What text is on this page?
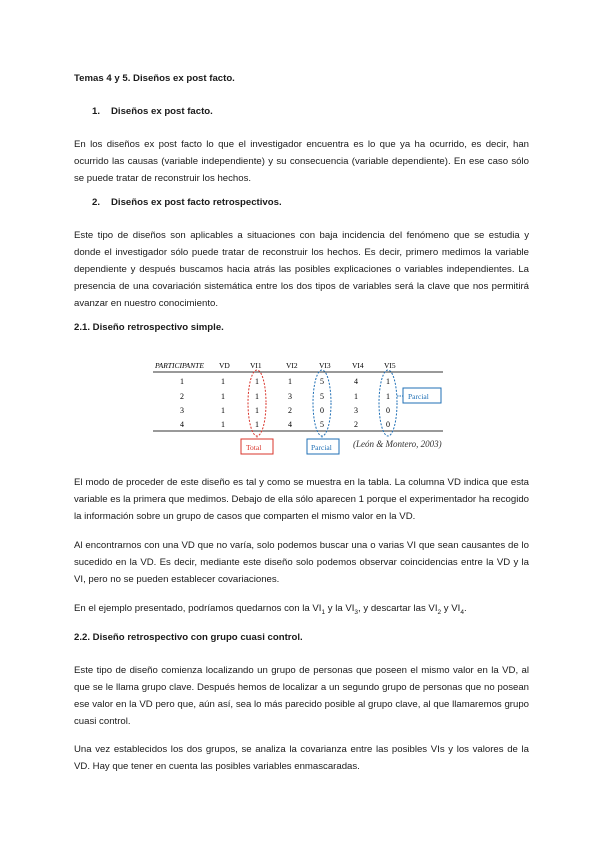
Temas 4 y 5. Diseños ex post facto.

1. Diseños ex post facto.

En los diseños ex post facto lo que el investigador encuentra es lo que ya ha ocurrido, es decir, han ocurrido las causas (variable independiente) y su consecuencia (variable dependiente). En ese caso sólo se puede tratar de reconstruir los hechos.

2. Diseños ex post facto retrospectivos.

Este tipo de diseños son aplicables a situaciones con baja incidencia del fenómeno que se estudia y donde el investigador sólo puede tratar de reconstruir los hechos. Es decir, primero medimos la variable dependiente y después buscamos hacia atrás las posibles explicaciones o variables independientes. La presencia de una covariación sistemática entre los dos tipos de variables será la clave que nos permitirá avanzar en nuestro conocimiento.

2.1. Diseño retrospectivo simple.

PARTICIPANTE VD	VI1	VI2	VI3	VI4	VI5
1	1	1	1	5	4	1
2	1	1	3	5	1	1
3	1	1	2	0	3	0
4	1	1	4	5	2	0
Total	Parcial
Parcial
(León & Montero, 2003)

El modo de proceder de este diseño es tal y como se muestra en la tabla. La columna VD indica que esta variable es la primera que medimos. Debajo de ella sólo aparecen 1 porque el experimentador ha recogido la información sobre un grupo de casos que comparten el mismo valor en la VD.

Al encontrarnos con una VD que no varía, solo podemos buscar una o varias VI que sean causantes de lo sucedido en la VD. Es decir, mediante este diseño solo podemos observar coincidencias entre la VD y la VI, pero no se pueden establecer covariaciones.

En el ejemplo presentado, podríamos quedarnos con la $VI_1$ y la $VI_3$, y descartar las $VI_2$ y $VI_4$.

2.2. Diseño retrospectivo con grupo cuasi control.

Este tipo de diseño comienza localizando un grupo de personas que poseen el mismo valor en la VD, al que se le llama grupo clave. Después hemos de localizar a un segundo grupo de personas que no posean ese valor en la VD pero que, aún así, sea lo más parecido posible al grupo clave, al que llamaremos grupo cuasi control.

Una vez establecidos los dos grupos, se analiza la covarianza entre las posibles VIs y los valores de la VD. Hay que tener en cuenta las posibles variables enmascaradas.
